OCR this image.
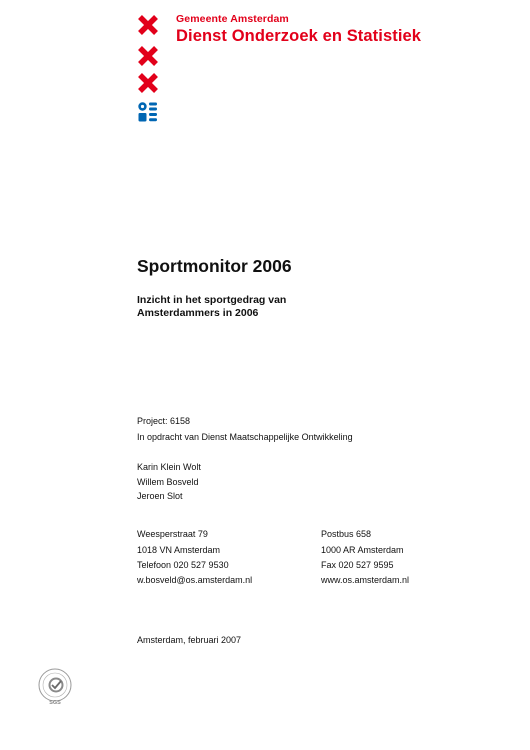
Gemeente Amsterdam
Dienst Onderzoek en Statistiek
Sportmonitor 2006
Inzicht in het sportgedrag van
Amsterdammers in 2006
Project: 6158
In opdracht van Dienst Maatschappelijke Ontwikkeling
Karin Klein Wolt
Willem Bosveld
Jeroen Slot
Weesperstraat 79
1018 VN Amsterdam
Telefoon 020 527 9530
w.bosveld@os.amsterdam.nl
Postbus 658
1000 AR Amsterdam
Fax 020 527 9595
www.os.amsterdam.nl
Amsterdam, februari 2007
SGS
